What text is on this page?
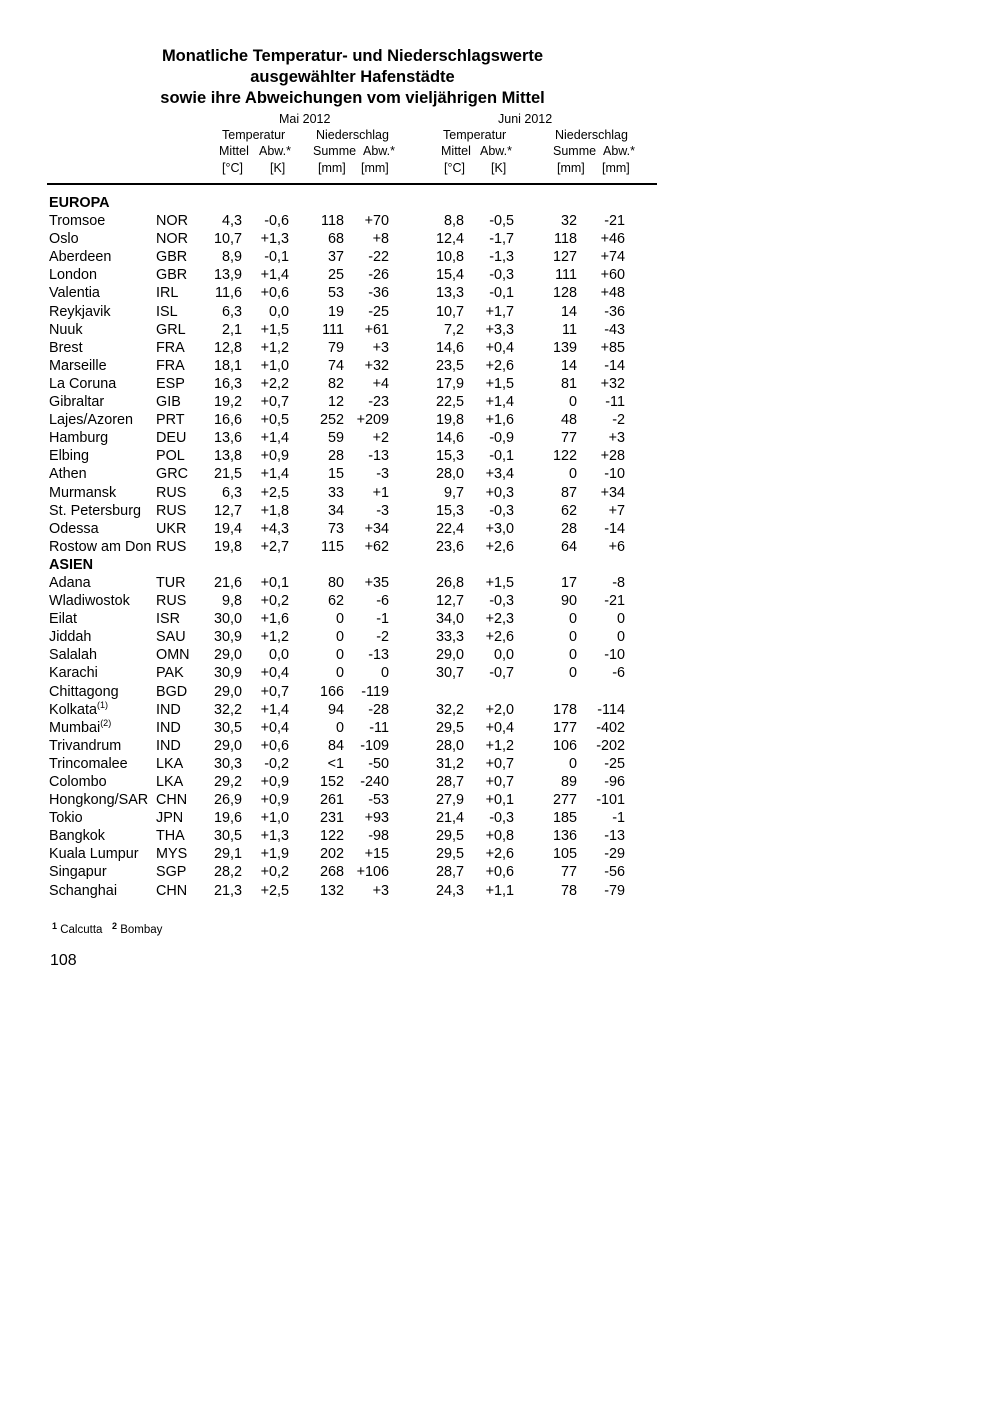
Monatliche Temperatur- und Niederschlagswerte
ausgewählter Hafenstädte
sowie ihre Abweichungen vom vieljährigen Mittel
Mai 2012	Juni 2012
Temperatur Niederschlag	Temperatur	Niederschlag
Mittel Abw.* Summe Abw.*	Mittel Abw.*	Summe Abw.*
[°C] [K]	[mm] [mm]	[°C] [K]	[mm] [mm]
EUROPA
Tromsoe	NOR 4,3 -0,6 118 +70	8,8 -0,5	32 -21
Oslo	NOR 10,7 +1,3	68 +8	12,4 -1,7	118 +46
Aberdeen	GBR 8,9 -0,1	37 -22	10,8 -1,3	127 +74
London	GBR 13,9 +1,4	25 -26	15,4 -0,3	111 +60
Valentia	IRL	11,6 +0,6	53 -36	13,3 -0,1	128 +48
Reykjavik	ISL	6,3 0,0	19 -25	10,7 +1,7	14 -36
Nuuk	GRL	2,1 +1,5 111 +61	7,2 +3,3	11 -43
Brest	FRA 12,8 +1,2	79 +3	14,6 +0,4	139 +85
Marseille	FRA 18,1 +1,0	74 +32	23,5 +2,6	14 -14
La Coruna	ESP 16,3 +2,2	82 +4	17,9 +1,5	81 +32
Gibraltar	GIB 19,2 +0,7	12 -23	22,5 +1,4	0 -11
Lajes/Azoren PRT 16,6 +0,5 252 +209	19,8 +1,6	48 -2
Hamburg	DEU 13,6 +1,4	59 +2	14,6 -0,9	77 +3
Elbing	POL 13,8 +0,9	28 -13	15,3 -0,1	122 +28
Athen	GRC 21,5 +1,4	15 -3	28,0 +3,4	0 -10
Murmansk	RUS 6,3 +2,5	33 +1	9,7 +0,3	87 +34
St. Petersburg RUS 12,7 +1,8	34 -3	15,3 -0,3	62 +7
Odessa	UKR 19,4 +4,3	73 +34	22,4 +3,0	28 -14
Rostow am Don RUS 19,8 +2,7 115 +62	23,6 +2,6	64 +6
ASIEN
Adana	TUR 21,6 +0,1	80 +35	26,8 +1,5	17 -8
Wladiwostok RUS 9,8 +0,2	62 -6	12,7 -0,3	90 -21
Eilat	ISR 30,0 +1,6	0 -1	34,0 +2,3	0	0
Jiddah	SAU 30,9 +1,2	0 -2	33,3 +2,6	0	0
Salalah	OMN 29,0 0,0	0 -13	29,0 0,0	0 -10
Karachi	PAK 30,9 +0,4	0	0	30,7 -0,7	0 -6
Chittagong	BGD 29,0 +0,7 166 -119
Kolkata$^{(1)}$	IND 32,2 +1,4	94 -28	32,2 +2,0	178 -114
Mumbai$^{(2)}$	IND 30,5 +0,4	0 -11	29,5 +0,4	177 -402
Trivandrum IND 29,0 +0,6	84 -109	28,0 +1,2	106 -202
Trincomalee LKA 30,3 -0,2	<1 -50	31,2 +0,7	0 -25
Colombo	LKA 29,2 +0,9 152 -240	28,7 +0,7	89 -96
Hongkong/SAR CHN 26,9 +0,9 261 -53	27,9 +0,1	277 -101
Tokio	JPN 19,6 +1,0 231 +93	21,4 -0,3	185 -1
Bangkok	THA 30,5 +1,3 122 -98	29,5 +0,8	136 -13
Kuala Lumpur MYS 29,1 +1,9 202 +15	29,5 +2,6	105 -29
Singapur	SGP 28,2 +0,2 268 +106	28,7 +0,6	77 -56
Schanghai	CHN 21,3 +2,5 132 +3	24,3 +1,1	78 -79
$^1$ Calcutta $^2$ Bombay
108
